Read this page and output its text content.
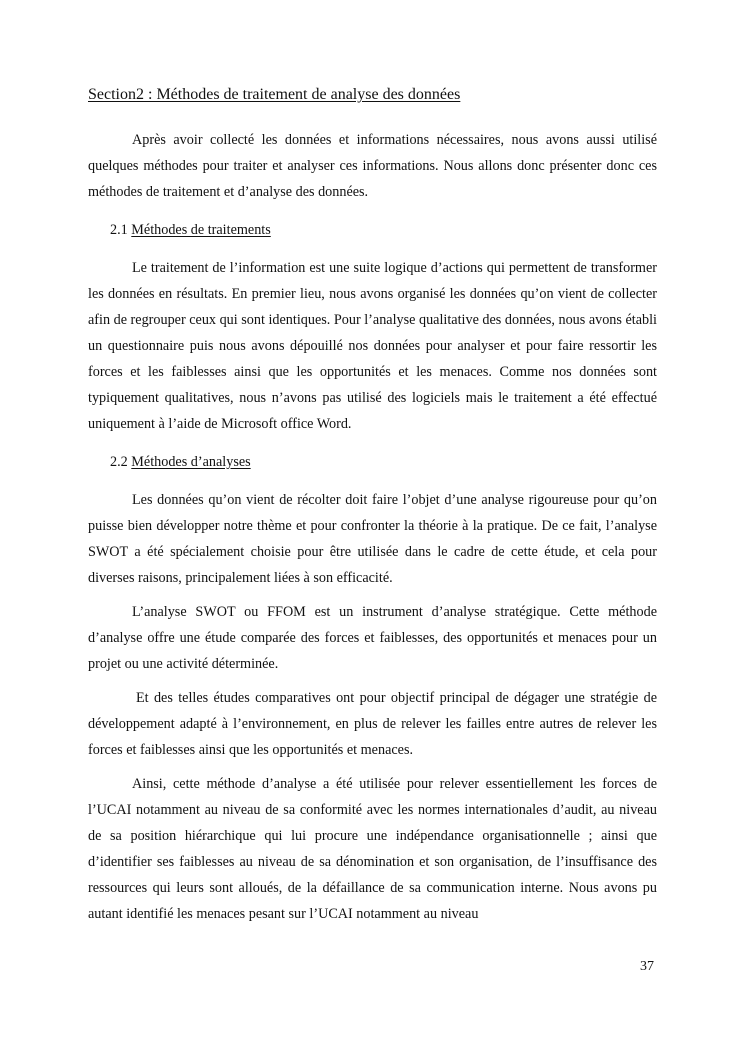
Section2 : Méthodes de traitement de analyse des données

Après avoir collecté les données et informations nécessaires, nous avons aussi utilisé quelques méthodes pour traiter et analyser ces informations. Nous allons donc présenter donc ces méthodes de traitement et d’analyse des données.

2.1 Méthodes de traitements

Le traitement de l’information est une suite logique d’actions qui permettent de transformer les données en résultats. En premier lieu, nous avons organisé les données qu’on vient de collecter afin de regrouper ceux qui sont identiques. Pour l’analyse qualitative des données, nous avons établi un questionnaire puis nous avons dépouillé nos données pour analyser et pour faire ressortir les forces et les faiblesses ainsi que les opportunités et les menaces. Comme nos données sont typiquement qualitatives, nous n’avons pas utilisé des logiciels mais le traitement a été effectué uniquement à l’aide de Microsoft office Word.

2.2 Méthodes d’analyses

Les données qu’on vient de récolter doit faire l’objet d’une analyse rigoureuse pour qu’on puisse bien développer notre thème et pour confronter la théorie à la pratique. De ce fait, l’analyse SWOT a été spécialement choisie pour être utilisée dans le cadre de cette étude, et cela pour diverses raisons, principalement liées à son efficacité.

L’analyse SWOT ou FFOM est un instrument d’analyse stratégique. Cette méthode d’analyse offre une étude comparée des forces et faiblesses, des opportunités et menaces pour un projet ou une activité déterminée.

Et des telles études comparatives ont pour objectif principal de dégager une stratégie de développement adapté à l’environnement, en plus de relever les failles entre autres de relever les forces et faiblesses ainsi que les opportunités et menaces.

Ainsi, cette méthode d’analyse a été utilisée pour relever essentiellement les forces de l’UCAI notamment au niveau de sa conformité avec les normes internationales d’audit, au niveau de sa position hiérarchique qui lui procure une indépendance organisationnelle ; ainsi que d’identifier ses faiblesses au niveau de sa dénomination et son organisation, de l’insuffisance des ressources qui leurs sont alloués, de la défaillance de sa communication interne. Nous avons pu autant identifié les menaces pesant sur l’UCAI notamment au niveau

37
